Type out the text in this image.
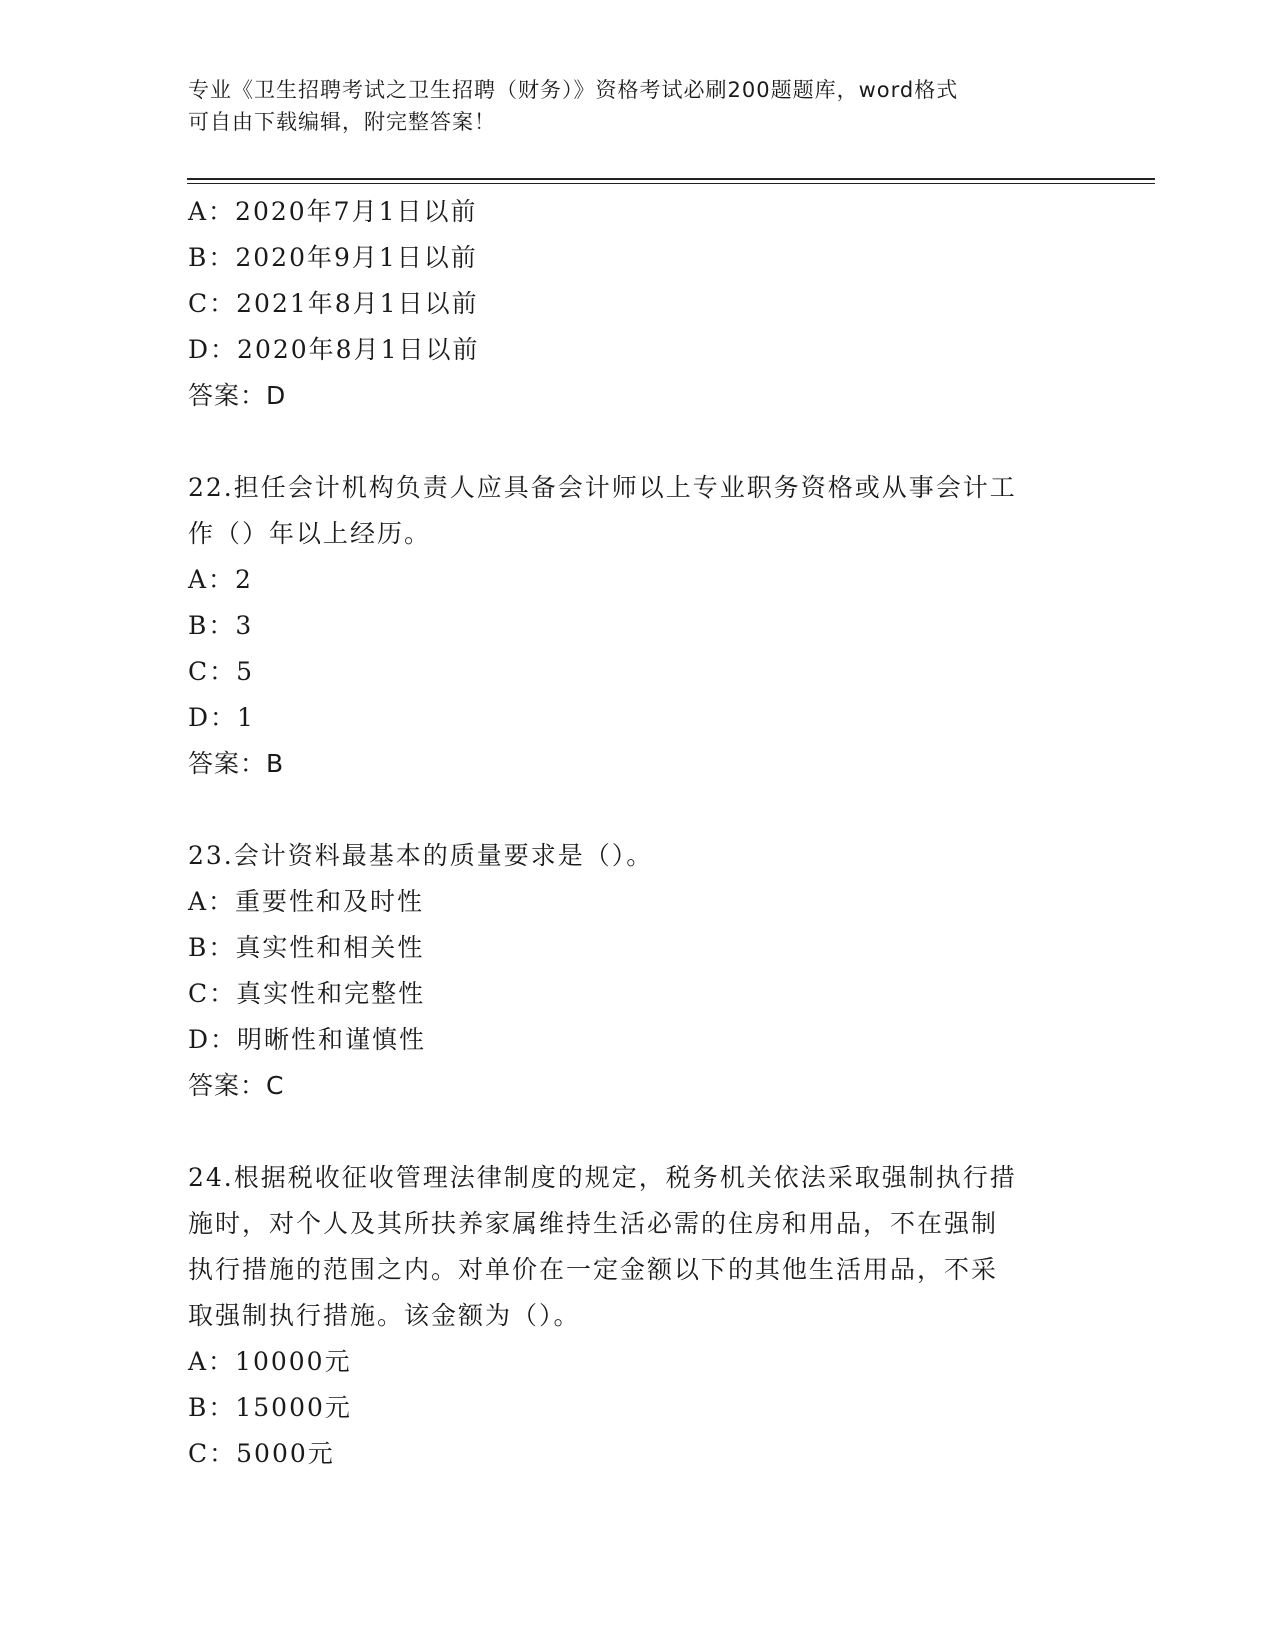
专业《卫生招聘考试之卫生招聘（财务）》资格考试必刷200题题库，word格式
可自由下载编辑，附完整答案！
A：2020年7月1日以前
B：2020年9月1日以前
C：2021年8月1日以前
D：2020年8月1日以前
答案：D
22.担任会计机构负责人应具备会计师以上专业职务资格或从事会计工
作（）年以上经历。
A：2
B：3
C：5
D：1
答案：B
23.会计资料最基本的质量要求是（）。
A：重要性和及时性
B：真实性和相关性
C：真实性和完整性
D：明晰性和谨慎性
答案：C
24.根据税收征收管理法律制度的规定，税务机关依法采取强制执行措
施时，对个人及其所扶养家属维持生活必需的住房和用品，不在强制
执行措施的范围之内。对单价在一定金额以下的其他生活用品，不采
取强制执行措施。该金额为（）。
A：10000元
B：15000元
C：5000元
